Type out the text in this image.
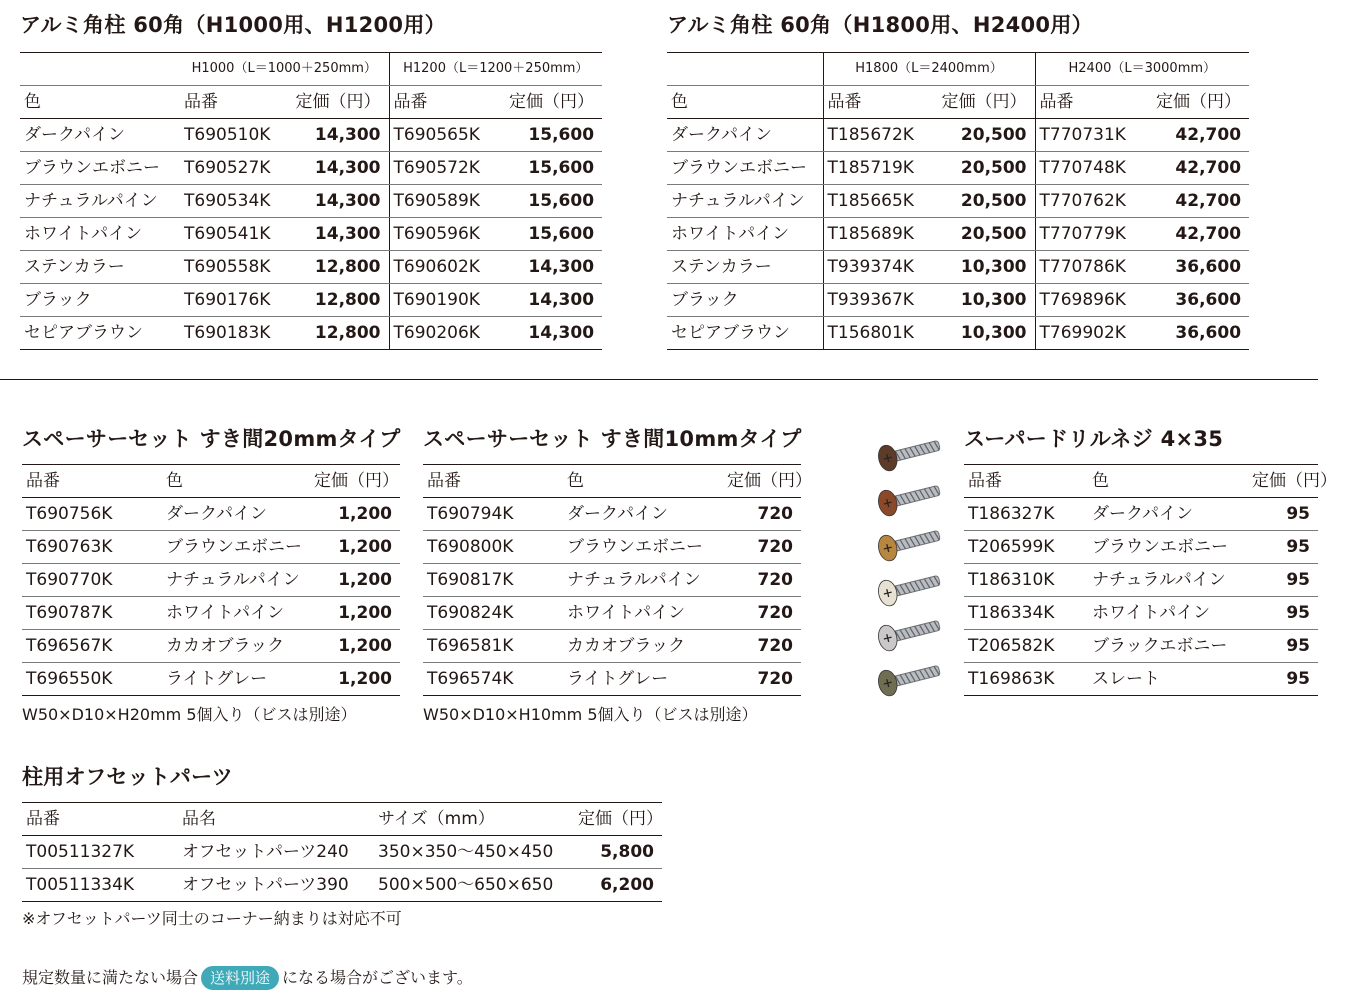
アルミ角柱 60角（H1000用、H1200用）
	H1000（L＝1000＋250mm）		H1200（L＝1200＋250mm）	
色	品番	定価（円）	品番	定価（円）
ダークパイン	T690510K	14,300	T690565K	15,600
ブラウンエボニー	T690527K	14,300	T690572K	15,600
ナチュラルパイン	T690534K	14,300	T690589K	15,600
ホワイトパイン	T690541K	14,300	T690596K	15,600
ステンカラー	T690558K	12,800	T690602K	14,300
ブラック	T690176K	12,800	T690190K	14,300
セピアブラウン	T690183K	12,800	T690206K	14,300
アルミ角柱 60角（H1800用、H2400用）
	H1800（L＝2400mm）		H2400（L＝3000mm）	
色	品番	定価（円）	品番	定価（円）
ダークパイン	T185672K	20,500	T770731K	42,700
ブラウンエボニー	T185719K	20,500	T770748K	42,700
ナチュラルパイン	T185665K	20,500	T770762K	42,700
ホワイトパイン	T185689K	20,500	T770779K	42,700
ステンカラー	T939374K	10,300	T770786K	36,600
ブラック	T939367K	10,300	T769896K	36,600
セピアブラウン	T156801K	10,300	T769902K	36,600
スペーサーセット すき間20mmタイプ
品番	色	定価（円）
T690756K	ダークパイン	1,200
T690763K	ブラウンエボニー	1,200
T690770K	ナチュラルパイン	1,200
T690787K	ホワイトパイン	1,200
T696567K	カカオブラック	1,200
T696550K	ライトグレー	1,200
W50×D10×H20mm 5個入り（ビスは別途）
スペーサーセット すき間10mmタイプ
品番	色	定価（円）
T690794K	ダークパイン	720
T690800K	ブラウンエボニー	720
T690817K	ナチュラルパイン	720
T690824K	ホワイトパイン	720
T696581K	カカオブラック	720
T696574K	ライトグレー	720
W50×D10×H10mm 5個入り（ビスは別途）
スーパードリルネジ 4×35
品番	色	定価（円）
T186327K	ダークパイン	95
T206599K	ブラウンエボニー	95
T186310K	ナチュラルパイン	95
T186334K	ホワイトパイン	95
T206582K	ブラックエボニー	95
T169863K	スレート	95
柱用オフセットパーツ
品番	品名	サイズ（mm）	定価（円）
T00511327K	オフセットパーツ240	350×350〜450×450	5,800
T00511334K	オフセットパーツ390	500×500〜650×650	6,200
※オフセットパーツ同士のコーナー納まりは対応不可
規定数量に満たない場合 送料別途 になる場合がございます。
